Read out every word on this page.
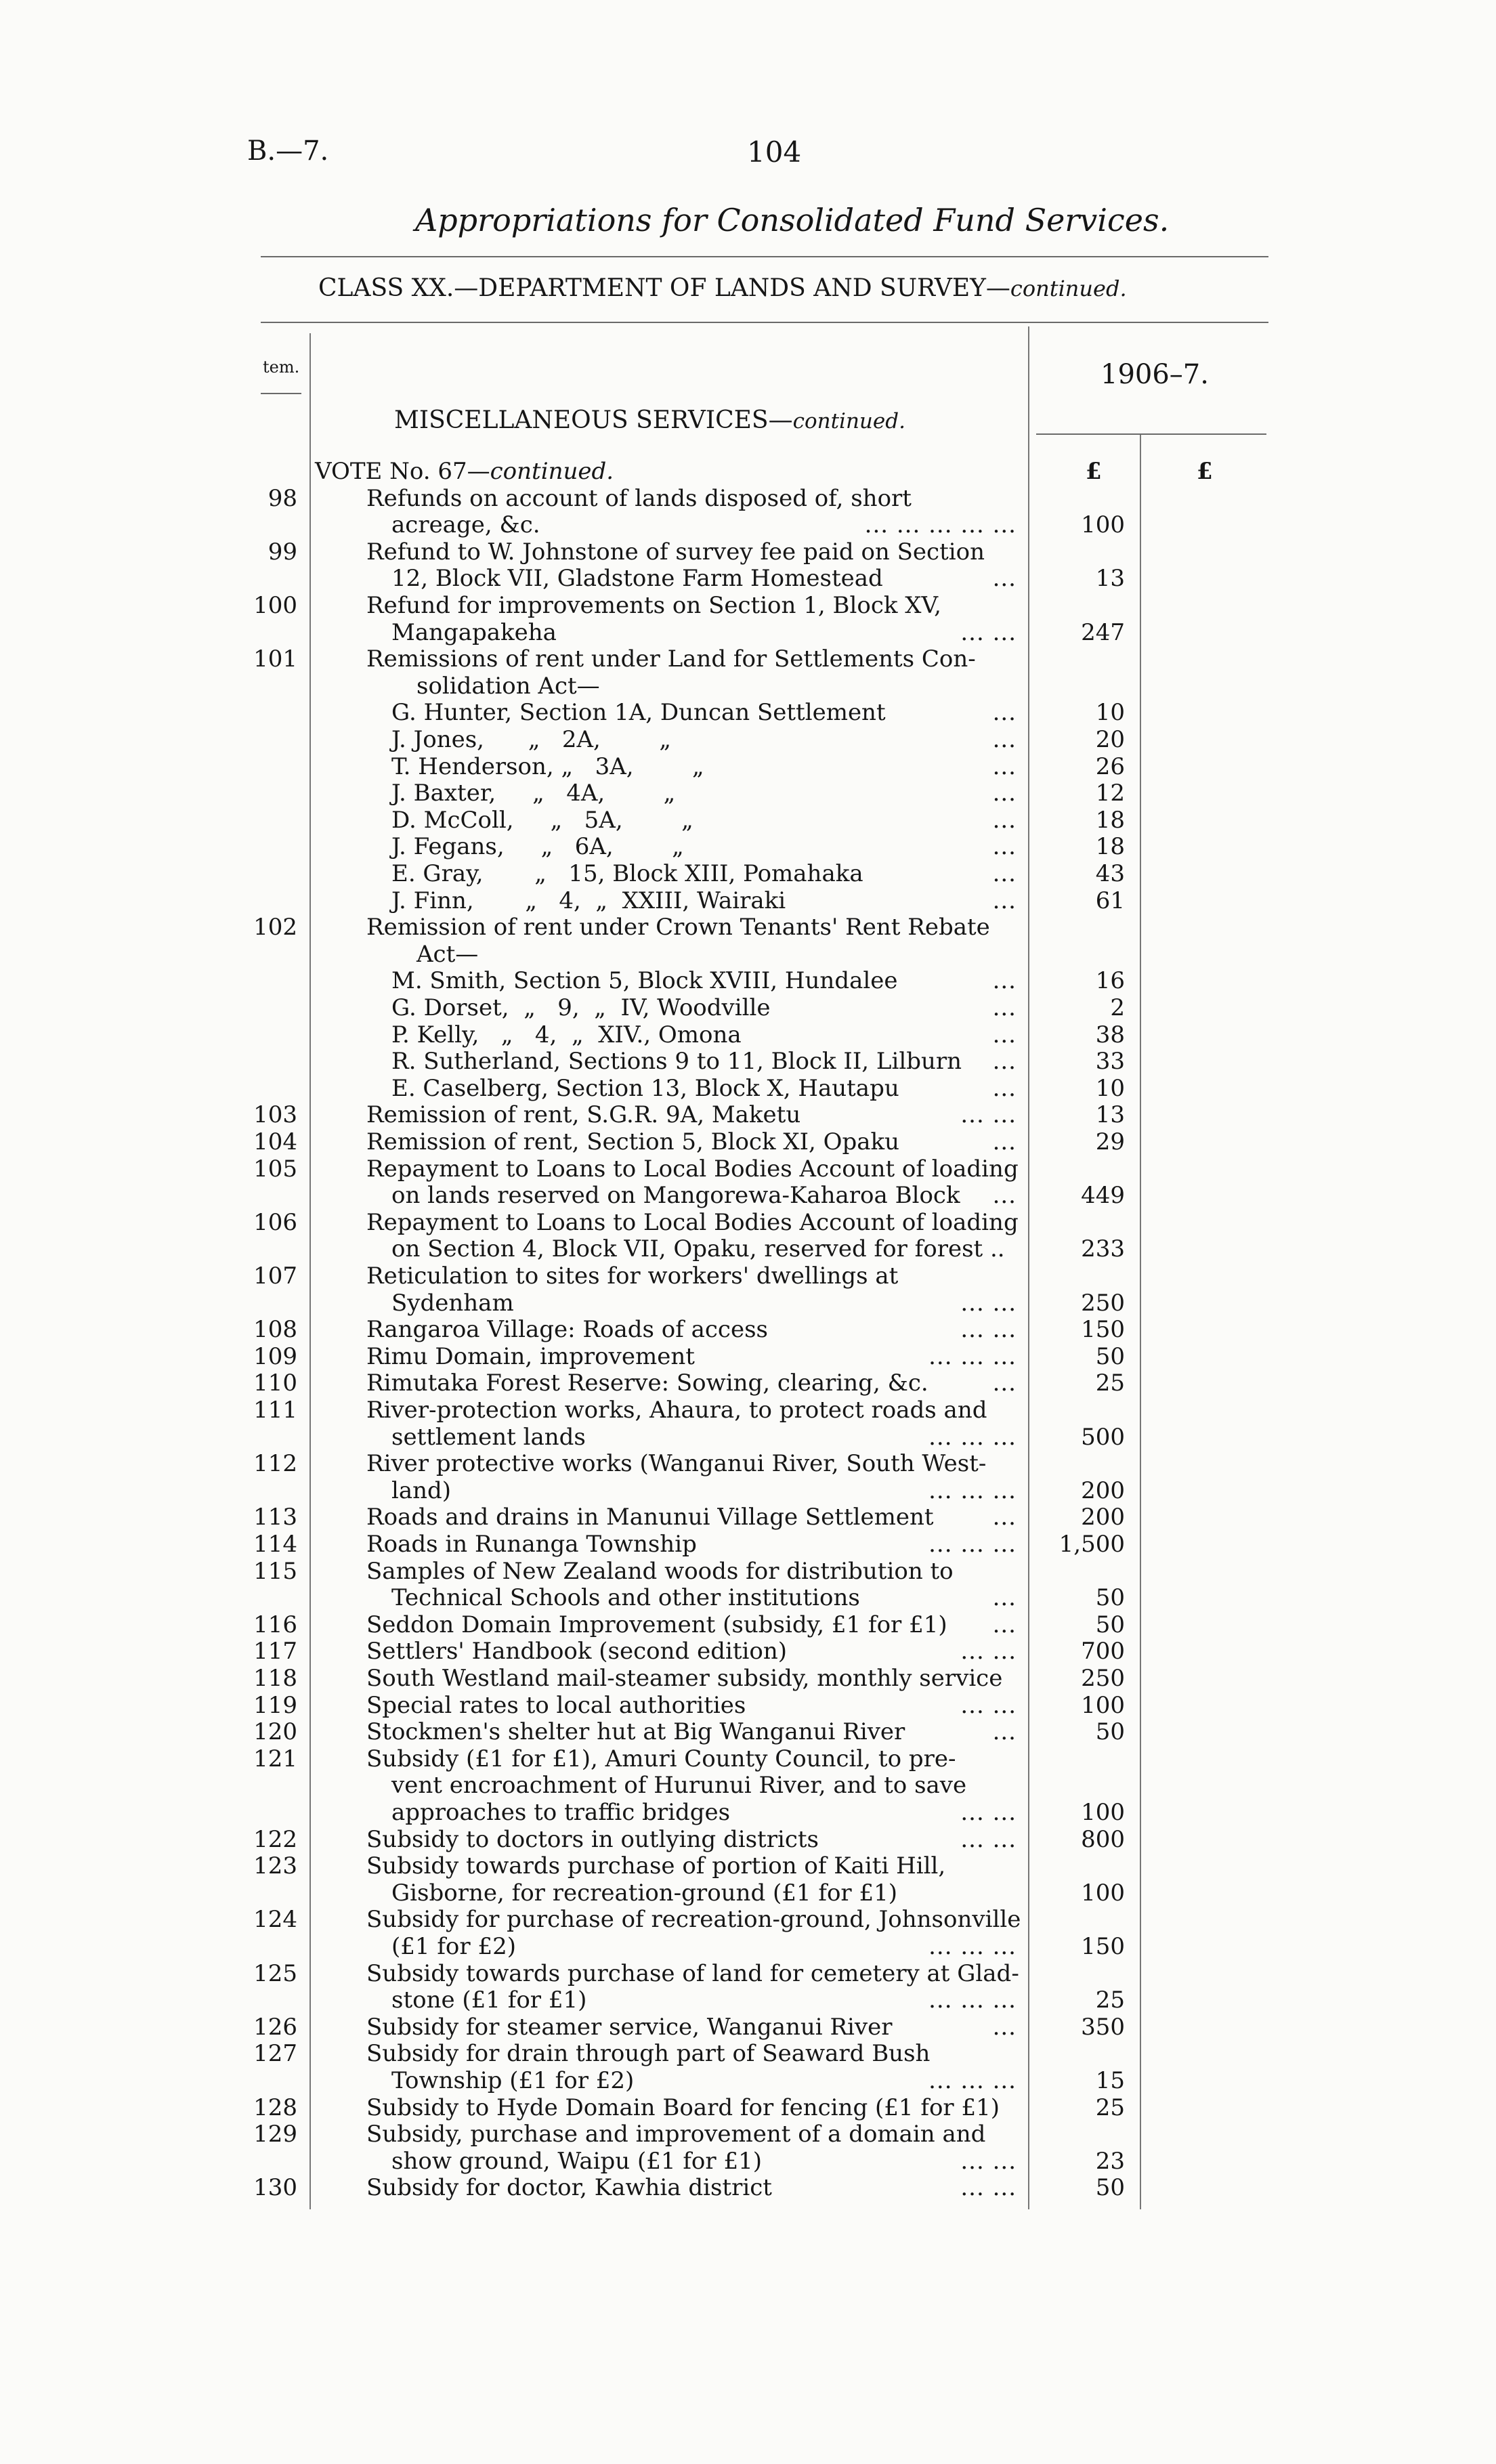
B.—7.	104
Appropriations for Consolidated Fund Services.
CLASS XX.—DEPARTMENT OF LANDS AND SURVEY—continued.
tem.	1906–7.
MISCELLANEOUS SERVICES—continued.
£	£
VOTE No. 67—continued.
98	Refunds on account of lands disposed of, short
acreage, &c.	... ... ... ... ...	100
99	Refund to W. Johnstone of survey fee paid on Section
12, Block VII, Gladstone Farm Homestead	...	13
100	Refund for improvements on Section 1, Block XV,
Mangapakeha	... ...	247
101	Remissions of rent under Land for Settlements Con-
solidation Act—
G. Hunter, Section 1A, Duncan Settlement	...	10
J. Jones,      „   2A,        „	...	20
T. Henderson, „   3A,        „	...	26
J. Baxter,     „   4A,        „	...	12
D. McColl,     „   5A,        „	...	18
J. Fegans,     „   6A,        „	...	18
E. Gray,       „   15, Block XIII, Pomahaka	...	43
J. Finn,       „   4,  „  XXIII, Wairaki	...	61
102	Remission of rent under Crown Tenants' Rent Rebate
Act—
M. Smith, Section 5, Block XVIII, Hundalee	...	16
G. Dorset,  „   9,  „  IV, Woodville	...	2
P. Kelly,   „   4,  „  XIV., Omona	...	38
R. Sutherland, Sections 9 to 11, Block II, Lilburn	...	33
E. Caselberg, Section 13, Block X, Hautapu	...	10
103	Remission of rent, S.G.R. 9A, Maketu	... ...	13
104	Remission of rent, Section 5, Block XI, Opaku	...	29
105	Repayment to Loans to Local Bodies Account of loading
on lands reserved on Mangorewa-Kaharoa Block	...	449
106	Repayment to Loans to Local Bodies Account of loading
on Section 4, Block VII, Opaku, reserved for forest ..	233
107	Reticulation to sites for workers' dwellings at
Sydenham	... ...	250
108	Rangaroa Village: Roads of access	... ...	150
109	Rimu Domain, improvement	... ... ...	50
110	Rimutaka Forest Reserve: Sowing, clearing, &c.	...	25
111	River-protection works, Ahaura, to protect roads and
settlement lands	... ... ...	500
112	River protective works (Wanganui River, South West-
land)	... ... ...	200
113	Roads and drains in Manunui Village Settlement	...	200
114	Roads in Runanga Township	... ... ... 1,500
115	Samples of New Zealand woods for distribution to
Technical Schools and other institutions	...	50
116	Seddon Domain Improvement (subsidy, £1 for £1)	...	50
117	Settlers' Handbook (second edition)	... ...	700
118	South Westland mail-steamer subsidy, monthly service	250
119	Special rates to local authorities	... ...	100
120	Stockmen's shelter hut at Big Wanganui River	...	50
121	Subsidy (£1 for £1), Amuri County Council, to pre-
vent encroachment of Hurunui River, and to save
approaches to traffic bridges	... ...	100
122	Subsidy to doctors in outlying districts	... ...	800
123	Subsidy towards purchase of portion of Kaiti Hill,
Gisborne, for recreation-ground (£1 for £1)	100
124	Subsidy for purchase of recreation-ground, Johnsonville
(£1 for £2)	... ... ...	150
125	Subsidy towards purchase of land for cemetery at Glad-
stone (£1 for £1)	... ... ...	25
126	Subsidy for steamer service, Wanganui River	...	350
127	Subsidy for drain through part of Seaward Bush
Township (£1 for £2)	... ... ...	15
128	Subsidy to Hyde Domain Board for fencing (£1 for £1)	25
129	Subsidy, purchase and improvement of a domain and
show ground, Waipu (£1 for £1)	... ...	23
130	Subsidy for doctor, Kawhia district	... ...	50
